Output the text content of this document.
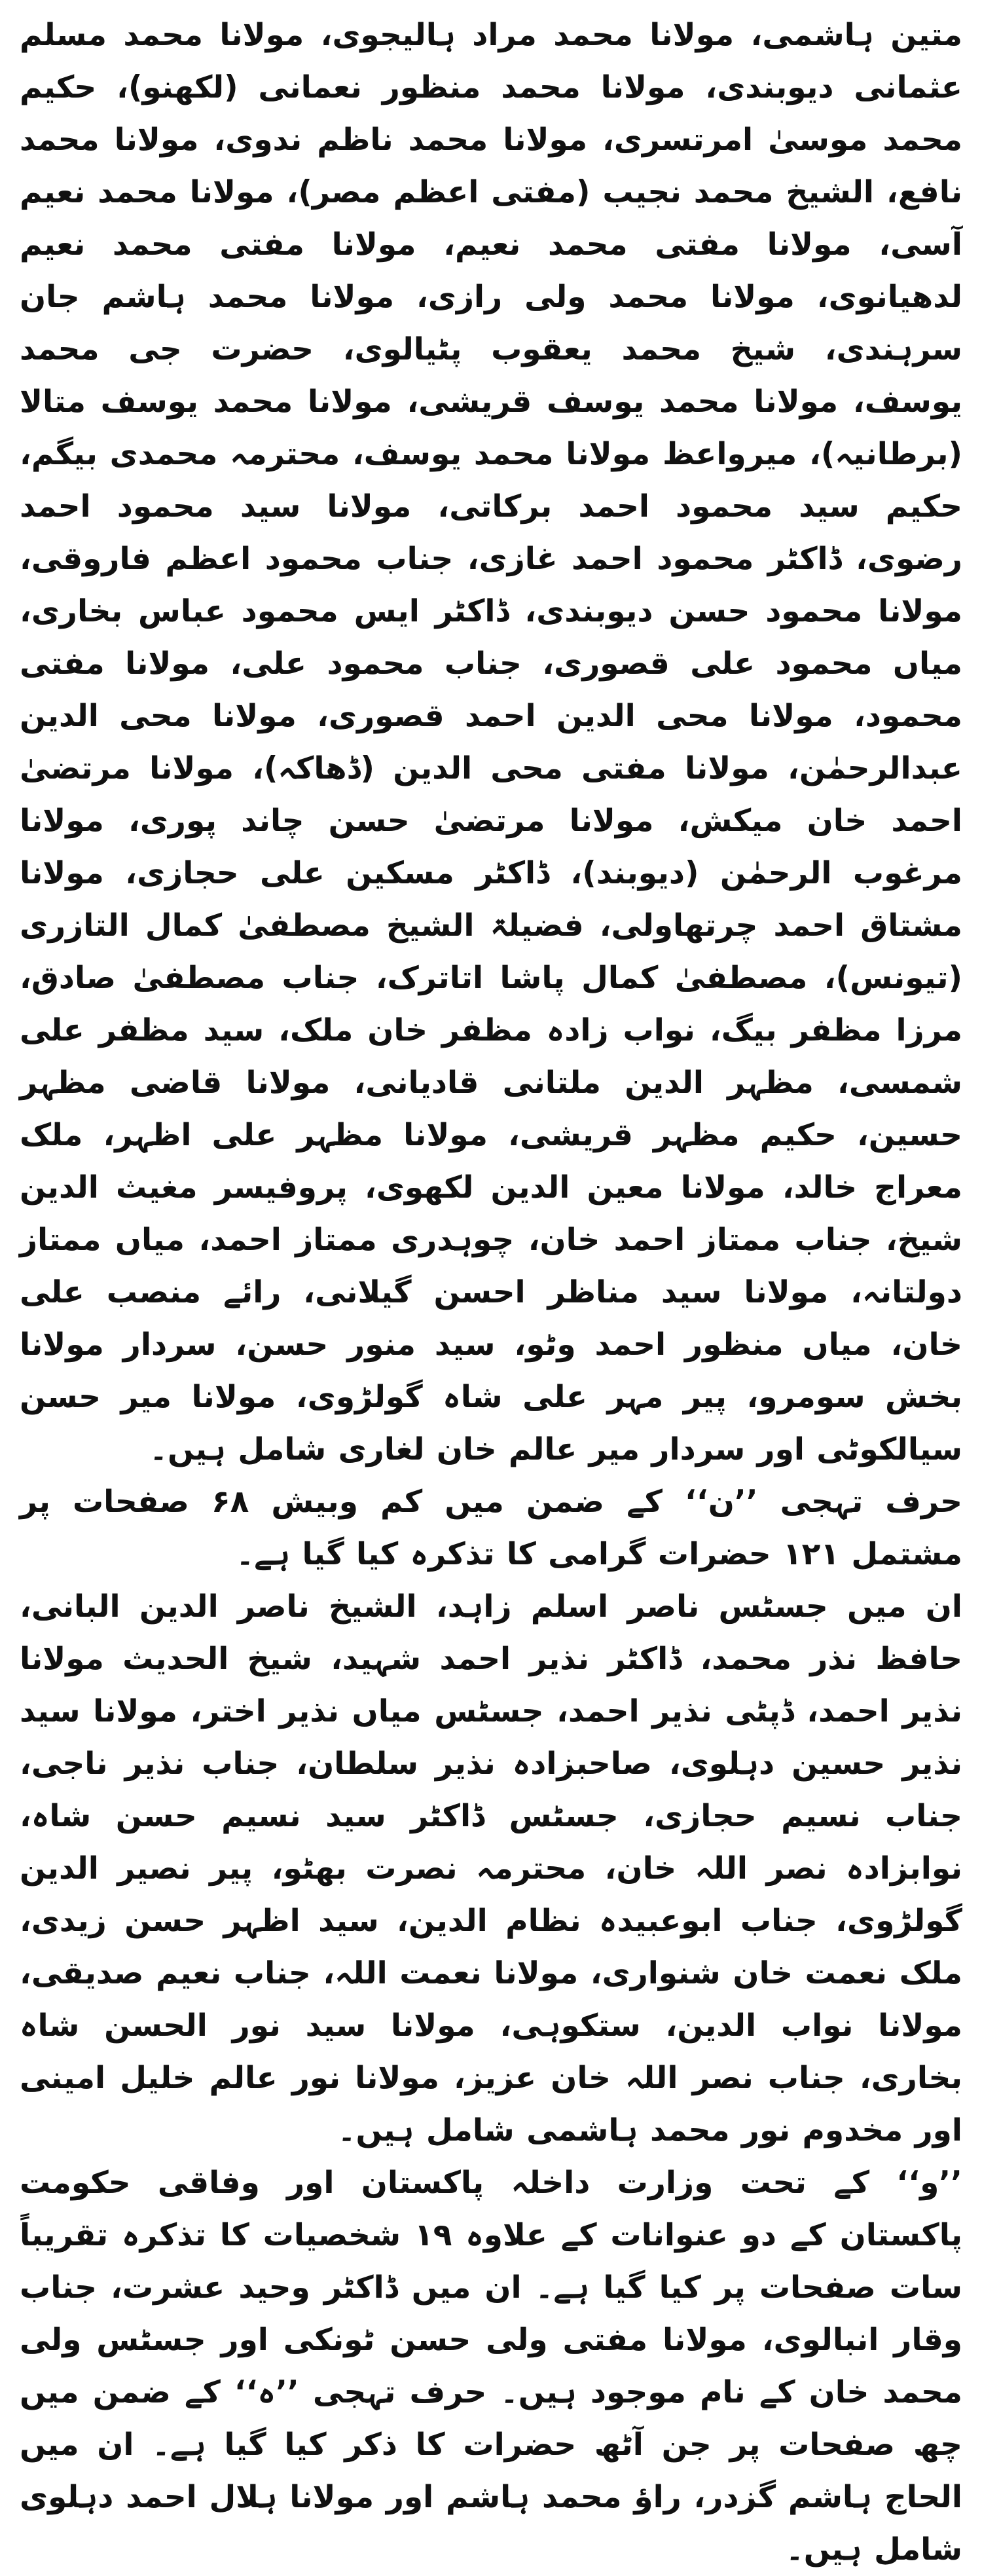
متین ہاشمی، مولانا محمد مراد ہالیجوی، مولانا محمد مسلم عثمانی دیوبندی، مولانا محمد منظور نعمانی (لکھنو)، حکیم محمد موسیٰ امرتسری، مولانا محمد ناظم ندوی، مولانا محمد نافع، الشیخ محمد نجیب (مفتی اعظم مصر)، مولانا محمد نعیم آسی، مولانا مفتی محمد نعیم، مولانا مفتی محمد نعیم لدھیانوی، مولانا محمد ولی رازی، مولانا محمد ہاشم جان سرہندی، شیخ محمد یعقوب پٹیالوی، حضرت جی محمد یوسف، مولانا محمد یوسف قریشی، مولانا محمد یوسف متالا (برطانیہ)، میرواعظ مولانا محمد یوسف، محترمہ محمدی بیگم، حکیم سید محمود احمد برکاتی، مولانا سید محمود احمد رضوی، ڈاکٹر محمود احمد غازی، جناب محمود اعظم فاروقی، مولانا محمود حسن دیوبندی، ڈاکٹر ایس محمود عباس بخاری، میاں محمود علی قصوری، جناب محمود علی، مولانا مفتی محمود، مولانا محی الدین احمد قصوری، مولانا محی الدین عبدالرحمٰن، مولانا مفتی محی الدین (ڈھاکہ)، مولانا مرتضیٰ احمد خان میکش، مولانا مرتضیٰ حسن چاند پوری، مولانا مرغوب الرحمٰن (دیوبند)، ڈاکٹر مسکین علی حجازی، مولانا مشتاق احمد چرتھاولی، فضیلۃ الشیخ مصطفیٰ کمال التازری (تیونس)، مصطفیٰ کمال پاشا اتاترک، جناب مصطفیٰ صادق، مرزا مظفر بیگ، نواب زادہ مظفر خان ملک، سید مظفر علی شمسی، مظہر الدین ملتانی قادیانی، مولانا قاضی مظہر حسین، حکیم مظہر قریشی، مولانا مظہر علی اظہر، ملک معراج خالد، مولانا معین الدین لکھوی، پروفیسر مغیث الدین شیخ، جناب ممتاز احمد خان، چوہدری ممتاز احمد، میاں ممتاز دولتانہ، مولانا سید مناظر احسن گیلانی، رائے منصب علی خان، میاں منظور احمد وٹو، سید منور حسن، سردار مولانا بخش سومرو، پیر مہر علی شاہ گولڑوی، مولانا میر حسن سیالکوٹی اور سردار میر عالم خان لغاری شامل ہیں۔

حرف تہجی ’’ن‘‘ کے ضمن میں کم وبیش ۶۸ صفحات پر مشتمل ۱۲۱ حضرات گرامی کا تذکرہ کیا گیا ہے۔

ان میں جسٹس ناصر اسلم زاہد، الشیخ ناصر الدین البانی، حافظ نذر محمد، ڈاکٹر نذیر احمد شہید، شیخ الحدیث مولانا نذیر احمد، ڈپٹی نذیر احمد، جسٹس میاں نذیر اختر، مولانا سید نذیر حسین دہلوی، صاحبزادہ نذیر سلطان، جناب نذیر ناجی، جناب نسیم حجازی، جسٹس ڈاکٹر سید نسیم حسن شاہ، نوابزادہ نصر اللہ خان، محترمہ نصرت بھٹو، پیر نصیر الدین گولڑوی، جناب ابوعبیدہ نظام الدین، سید اظہر حسن زیدی، ملک نعمت خان شنواری، مولانا نعمت اللہ، جناب نعیم صدیقی، مولانا نواب الدین، ستکوہی، مولانا سید نور الحسن شاہ بخاری، جناب نصر اللہ خان عزیز، مولانا نور عالم خلیل امینی اور مخدوم نور محمد ہاشمی شامل ہیں۔

’’و‘‘ کے تحت وزارت داخلہ پاکستان اور وفاقی حکومت پاکستان کے دو عنوانات کے علاوہ ۱۹ شخصیات کا تذکرہ تقریباً سات صفحات پر کیا گیا ہے۔ ان میں ڈاکٹر وحید عشرت، جناب وقار انبالوی، مولانا مفتی ولی حسن ٹونکی اور جسٹس ولی محمد خان کے نام موجود ہیں۔ حرف تہجی ’’ہ‘‘ کے ضمن میں چھ صفحات پر جن آٹھ حضرات کا ذکر کیا گیا ہے۔ ان میں الحاج ہاشم گزدر، راؤ محمد ہاشم اور مولانا ہلال احمد دہلوی شامل ہیں۔
